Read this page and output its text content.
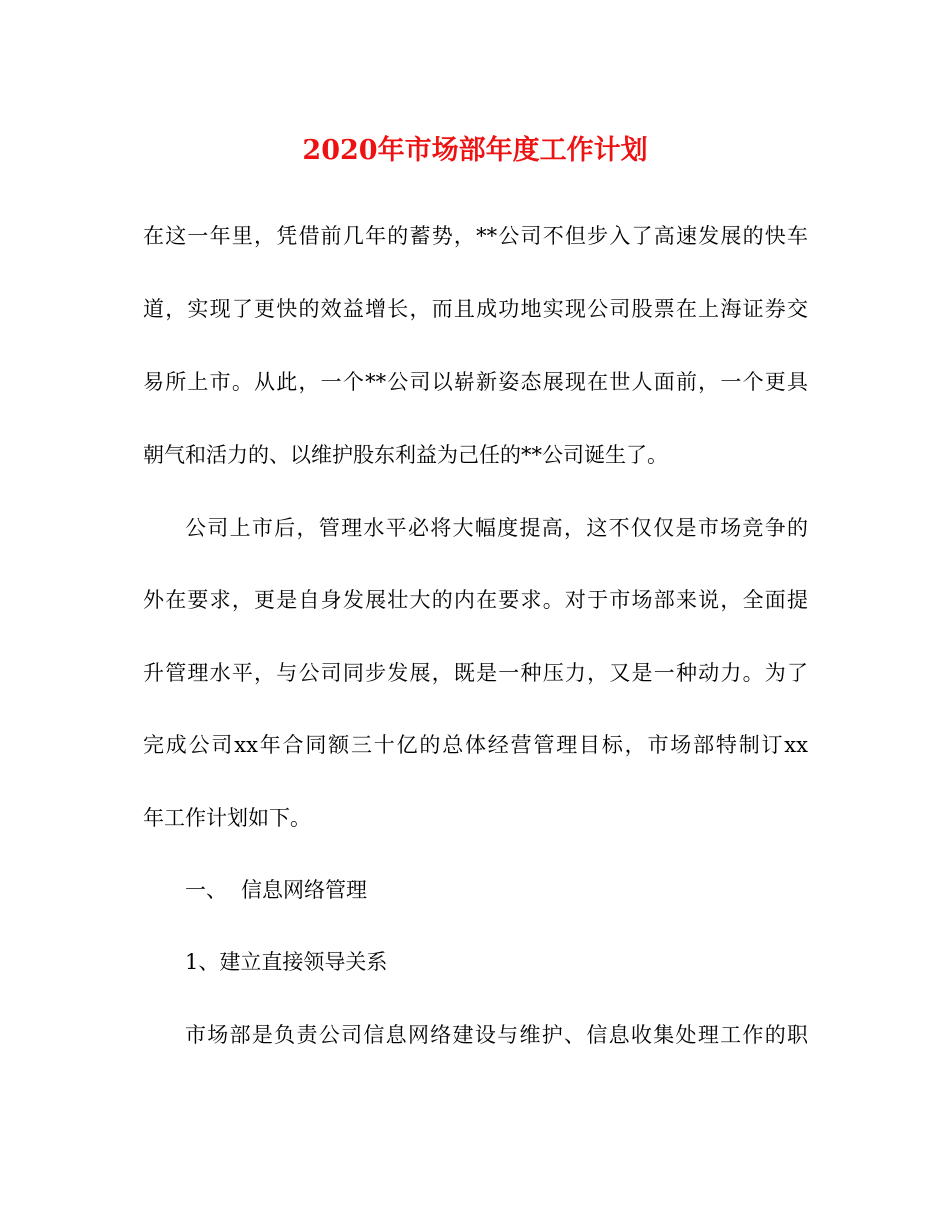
2020年市场部年度工作计划
在这一年里，凭借前几年的蓄势，**公司不但步入了高速发展的快车
道，实现了更快的效益增长，而且成功地实现公司股票在上海证券交
易所上市。从此，一个**公司以崭新姿态展现在世人面前，一个更具
朝气和活力的、以维护股东利益为己任的**公司诞生了。
公司上市后，管理水平必将大幅度提高，这不仅仅是市场竞争的
外在要求，更是自身发展壮大的内在要求。对于市场部来说，全面提
升管理水平，与公司同步发展，既是一种压力，又是一种动力。为了
完成公司xx年合同额三十亿的总体经营管理目标，市场部特制订xx
年工作计划如下。
一、 信息网络管理
1、建立直接领导关系
市场部是负责公司信息网络建设与维护、信息收集处理工作的职
